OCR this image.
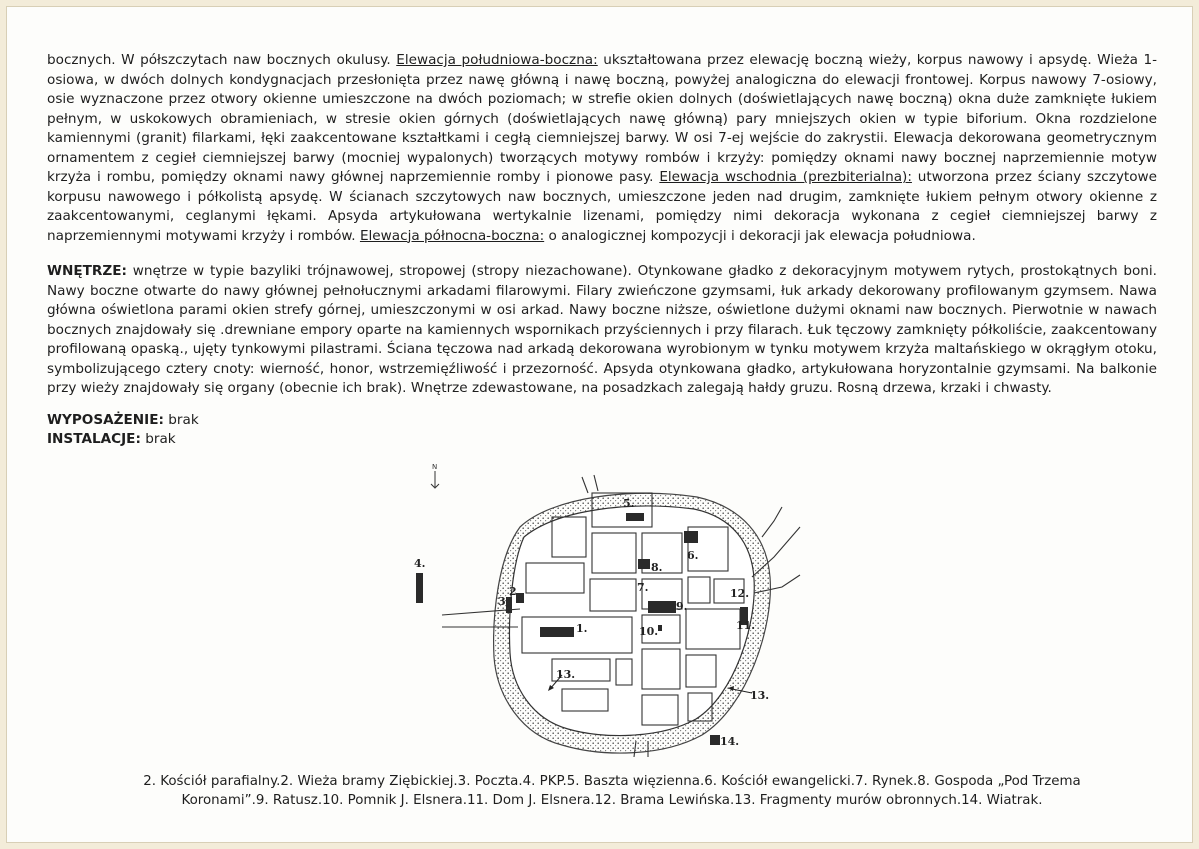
bocznych. W półszczytach naw bocznych okulusy. Elewacja południowa-boczna: ukształtowana przez elewację boczną wieży, korpus nawowy i apsydę. Wieża 1-osiowa, w dwóch dolnych kondygnacjach przesłonięta przez nawę główną i nawę boczną, powyżej analogiczna do elewacji frontowej. Korpus nawowy 7-osiowy, osie wyznaczone przez otwory okienne umieszczone na dwóch poziomach; w strefie okien dolnych (doświetlających nawę boczną) okna duże zamknięte łukiem pełnym, w uskokowych obramieniach, w stresie okien górnych (doświetlających nawę główną) pary mniejszych okien w typie biforium. Okna rozdzielone kamiennymi (granit) filarkami, łęki zaakcentowane kształtkami i cegłą ciemniejszej barwy. W osi 7-ej wejście do zakrystii. Elewacja dekorowana geometrycznym ornamentem z cegieł ciemniejszej barwy (mocniej wypalonych) tworzących motywy rombów i krzyży: pomiędzy oknami nawy bocznej naprzemiennie motyw krzyża i rombu, pomiędzy oknami nawy głównej naprzemiennie romby i pionowe pasy. Elewacja wschodnia (prezbiterialna): utworzona przez ściany szczytowe korpusu nawowego i półkolistą apsydę. W ścianach szczytowych naw bocznych, umieszczone jeden nad drugim, zamknięte łukiem pełnym otwory okienne z zaakcentowanymi, ceglanymi łękami. Apsyda artykułowana wertykalnie lizenami, pomiędzy nimi dekoracja wykonana z cegieł ciemniejszej barwy z naprzemiennymi motywami krzyży i rombów. Elewacja północna-boczna: o analogicznej kompozycji i dekoracji jak elewacja południowa.

WNĘTRZE: wnętrze w typie bazyliki trójnawowej, stropowej (stropy niezachowane). Otynkowane gładko z dekoracyjnym motywem rytych, prostokątnych boni. Nawy boczne otwarte do nawy głównej pełnołucznymi arkadami filarowymi. Filary zwieńczone gzymsami, łuk arkady dekorowany profilowanym gzymsem. Nawa główna oświetlona parami okien strefy górnej, umieszczonymi w osi arkad. Nawy boczne niższe, oświetlone dużymi oknami naw bocznych. Pierwotnie w nawach bocznych znajdowały się .drewniane empory oparte na kamiennych wspornikach przyściennych i przy filarach. Łuk tęczowy zamknięty półkoliście, zaakcentowany profilowaną opaską., ujęty tynkowymi pilastrami. Ściana tęczowa nad arkadą dekorowana wyrobionym w tynku motywem krzyża maltańskiego w okrągłym otoku, symbolizującego cztery cnoty: wierność, honor, wstrzemięźliwość i przezorność. Apsyda otynkowana gładko, artykułowana horyzontalnie gzymsami. Na balkonie przy wieży znajdowały się organy (obecnie ich brak). Wnętrze zdewastowane, na posadzkach zalegają hałdy gruzu. Rosną drzewa, krzaki i chwasty.

WYPOSAŻENIE: brak

INSTALACJE: brak

N
4.
5.
6.
8.
7.
2
3	9.
12.
11.
1.	10.
13.
13.
14.
2. Kościół parafialny.2. Wieża bramy Ziębickiej.3. Poczta.4. PKP.5. Baszta więzienna.6. Kościół ewangelicki.7. Rynek.8. Gospoda „Pod Trzema Koronami”.9. Ratusz.10. Pomnik J. Elsnera.11. Dom J. Elsnera.12. Brama Lewińska.13. Fragmenty murów obronnych.14. Wiatrak.
